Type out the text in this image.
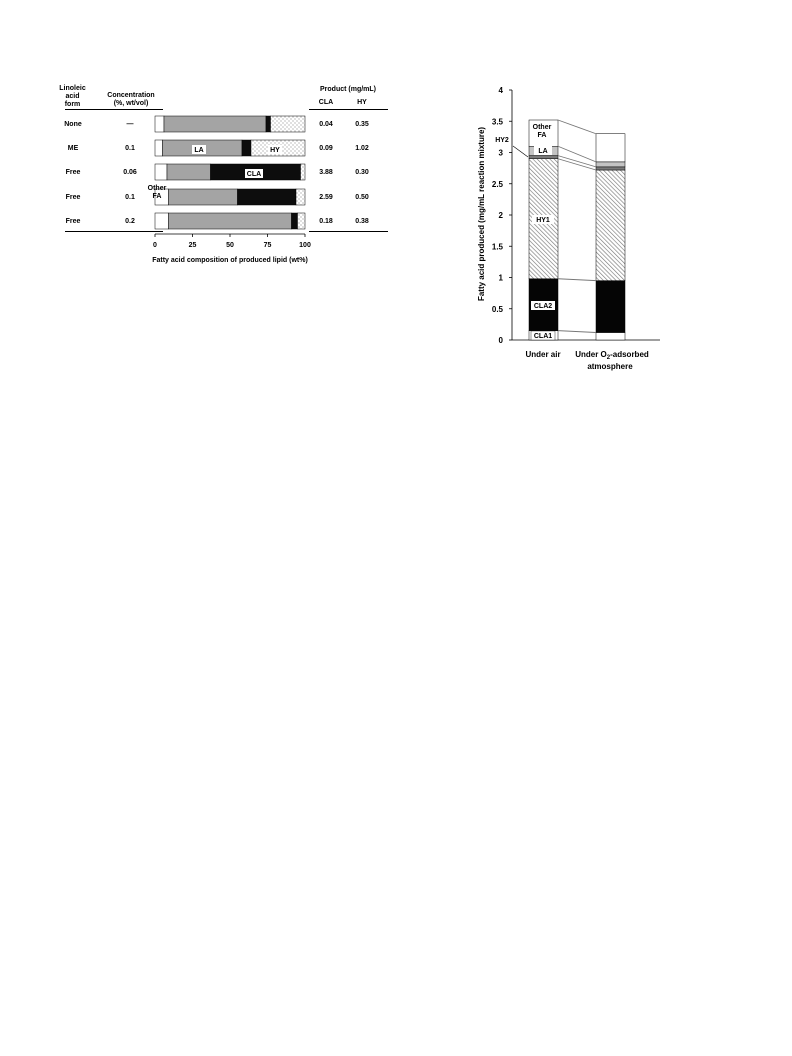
Linoleic
acid
form
Concentration
(%, wt/vol)
Product (mg/mL)
CLA	HY
None	—	0.04	0.35
ME	0.1	0.09	1.02
Free	0.06	3.88	0.30
Free	0.1	2.59	0.50
Free	0.2	0.18	0.38
0	25	50	75	100
Fatty acid composition of produced lipid (wt%)
Other
FA
LA	HY
CLA
0
0.5
1
1.5
2
2.5
3
3.5
4
Fatty acid produced (mg/mL reaction mixture)
Under air Under $O_2$-adsorbed
atmosphere
CLA1
CLA2
HY1
LA
Other
FA
HY2
